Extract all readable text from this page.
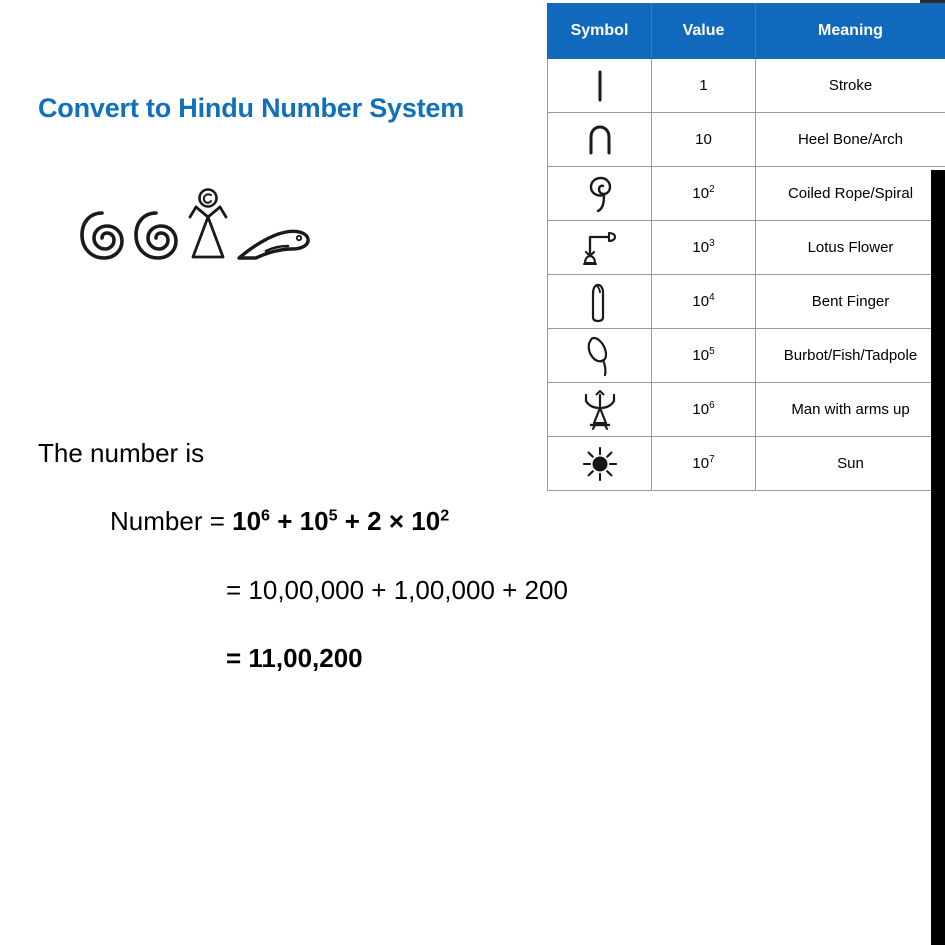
Convert to Hindu Number System
The number is
Number = $10^6 + 10^5 + 2 \times 10^2$
= 10,00,000 + 1,00,000 + 200
= 11,00,200
Symbol	Value	Meaning

	1	Stroke

	10	Heel Bone/Arch

	$10^2$	Coiled Rope/Spiral

	$10^3$	Lotus Flower

	$10^4$	Bent Finger

	$10^5$	Burbot/Fish/Tadpole

	$10^6$	Man with arms up

	$10^7$	Sun
